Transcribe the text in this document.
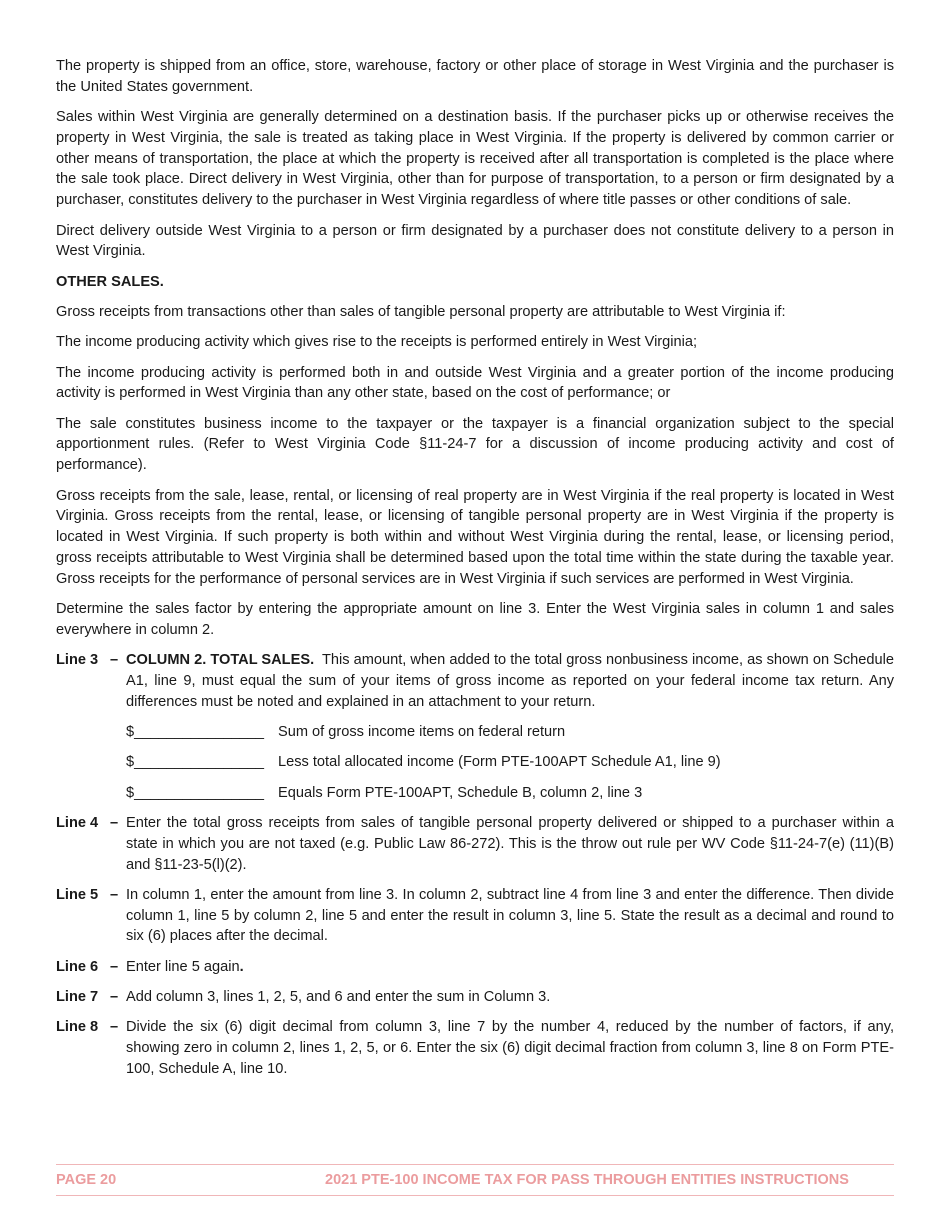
The property is shipped from an office, store, warehouse, factory or other place of storage in West Virginia and the purchaser is the United States government.

Sales within West Virginia are generally determined on a destination basis. If the purchaser picks up or otherwise receives the property in West Virginia, the sale is treated as taking place in West Virginia. If the property is delivered by common carrier or other means of transportation, the place at which the property is received after all transportation is completed is the place where the sale took place. Direct delivery in West Virginia, other than for purpose of transportation, to a person or firm designated by a purchaser, constitutes delivery to the purchaser in West Virginia regardless of where title passes or other conditions of sale.

Direct delivery outside West Virginia to a person or firm designated by a purchaser does not constitute delivery to a person in West Virginia.

OTHER SALES.

Gross receipts from transactions other than sales of tangible personal property are attributable to West Virginia if:

The income producing activity which gives rise to the receipts is performed entirely in West Virginia;

The income producing activity is performed both in and outside West Virginia and a greater portion of the income producing activity is performed in West Virginia than any other state, based on the cost of performance; or

The sale constitutes business income to the taxpayer or the taxpayer is a financial organization subject to the special apportionment rules. (Refer to West Virginia Code §11-24-7 for a discussion of income producing activity and cost of performance).

Gross receipts from the sale, lease, rental, or licensing of real property are in West Virginia if the real property is located in West Virginia. Gross receipts from the rental, lease, or licensing of tangible personal property are in West Virginia if the property is located in West Virginia. If such property is both within and without West Virginia during the rental, lease, or licensing period, gross receipts attributable to West Virginia shall be determined based upon the total time within the state during the taxable year. Gross receipts for the performance of personal services are in West Virginia if such services are performed in West Virginia.

Determine the sales factor by entering the appropriate amount on line 3. Enter the West Virginia sales in column 1 and sales everywhere in column 2.

Line 3 – COLUMN 2. TOTAL SALES. This amount, when added to the total gross nonbusiness income, as shown on Schedule A1, line 9, must equal the sum of your items of gross income as reported on your federal income tax return. Any differences must be noted and explained in an attachment to your return.
$________________ Sum of gross income items on federal return
$________________ Less total allocated income (Form PTE-100APT Schedule A1, line 9)
$________________ Equals Form PTE-100APT, Schedule B, column 2, line 3
Line 4 – Enter the total gross receipts from sales of tangible personal property delivered or shipped to a purchaser within a state in which you are not taxed (e.g. Public Law 86-272). This is the throw out rule per WV Code §11-24-7(e) (11)(B) and §11-23-5(l)(2).
Line 5 – In column 1, enter the amount from line 3. In column 2, subtract line 4 from line 3 and enter the difference. Then divide column 1, line 5 by column 2, line 5 and enter the result in column 3, line 5. State the result as a decimal and round to six (6) places after the decimal.
Line 6 – Enter line 5 again.
Line 7 – Add column 3, lines 1, 2, 5, and 6 and enter the sum in Column 3.
Line 8 – Divide the six (6) digit decimal from column 3, line 7 by the number 4, reduced by the number of factors, if any, showing zero in column 2, lines 1, 2, 5, or 6. Enter the six (6) digit decimal fraction from column 3, line 8 on Form PTE-100, Schedule A, line 10.
PAGE 20	2021 PTE-100 INCOME TAX FOR PASS THROUGH ENTITIES INSTRUCTIONS
